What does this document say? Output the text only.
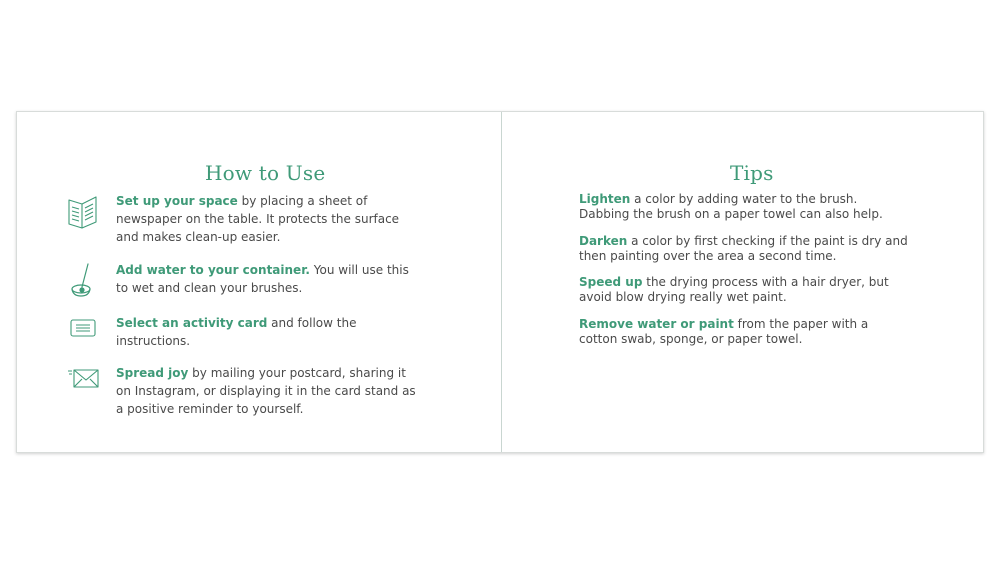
How to Use
Set up your space by placing a sheet of newspaper on the table. It protects the surface and makes clean-up easier.
Add water to your container. You will use this to wet and clean your brushes.
Select an activity card and follow the instructions.
Spread joy by mailing your postcard, sharing it on Instagram, or displaying it in the card stand as a positive reminder to yourself.
Tips
Lighten a color by adding water to the brush. Dabbing the brush on a paper towel can also help.
Darken a color by first checking if the paint is dry and then painting over the area a second time.
Speed up the drying process with a hair dryer, but avoid blow drying really wet paint.
Remove water or paint from the paper with a cotton swab, sponge, or paper towel.
